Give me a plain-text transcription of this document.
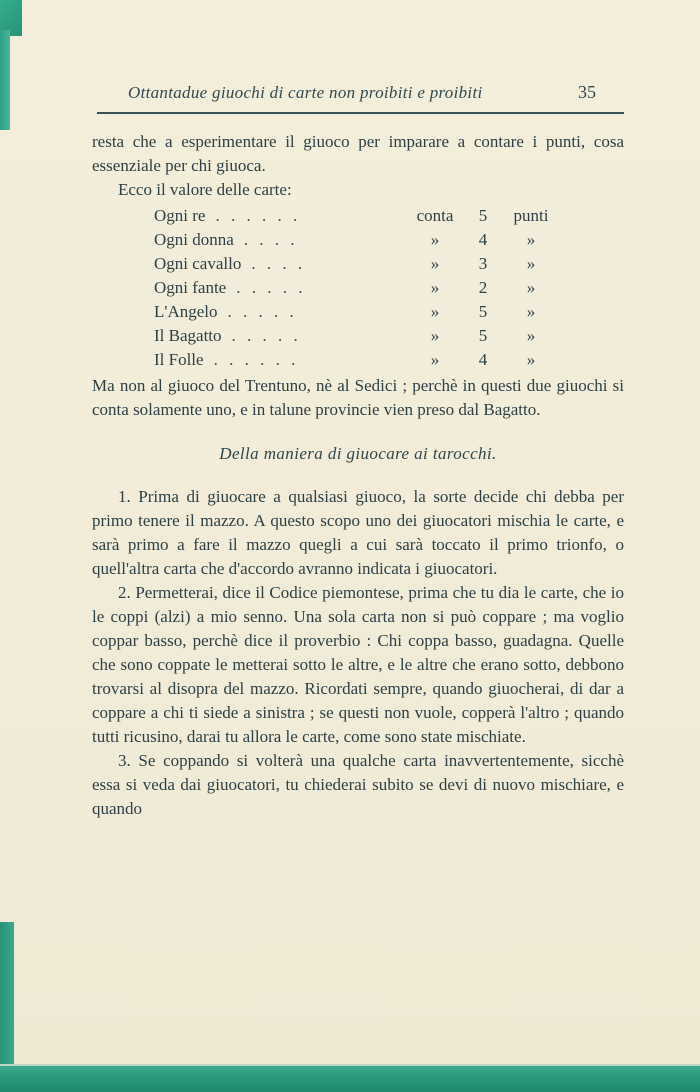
Ottantadue giuochi di carte non proibiti e proibiti	35

resta che a esperimentare il giuoco per imparare a contare i punti, cosa essenziale per chi giuoca.

Ecco il valore delle carte:

Ogni re . . . . . .	conta	5	punti
Ogni donna . . . .	»	4	»
Ogni cavallo . . . .	»	3	»
Ogni fante . . . . .	»	2	»
L'Angelo . . . . .	»	5	»
Il Bagatto . . . . .	»	5	»
Il Folle . . . . . .	»	4	»

Ma non al giuoco del Trentuno, nè al Sedici ; perchè in questi due giuochi si conta solamente uno, e in talune provincie vien preso dal Bagatto.

Della maniera di giuocare ai tarocchi.

1. Prima di giuocare a qualsiasi giuoco, la sorte decide chi debba per primo tenere il mazzo. A questo scopo uno dei giuocatori mischia le carte, e sarà primo a fare il mazzo quegli a cui sarà toccato il primo trionfo, o quell'altra carta che d'accordo avranno indicata i giuocatori.

2. Permetterai, dice il Codice piemontese, prima che tu dia le carte, che io le coppi (alzi) a mio senno. Una sola carta non si può coppare ; ma voglio coppar basso, perchè dice il proverbio : Chi coppa basso, guadagna. Quelle che sono coppate le metterai sotto le altre, e le altre che erano sotto, debbono trovarsi al disopra del mazzo. Ricordati sempre, quando giuocherai, di dar a coppare a chi ti siede a sinistra ; se questi non vuole, copperà l'altro ; quando tutti ricusino, darai tu allora le carte, come sono state mischiate.

3. Se coppando si volterà una qualche carta inavvertentemente, sicchè essa si veda dai giuocatori, tu chiederai subito se devi di nuovo mischiare, e quando
